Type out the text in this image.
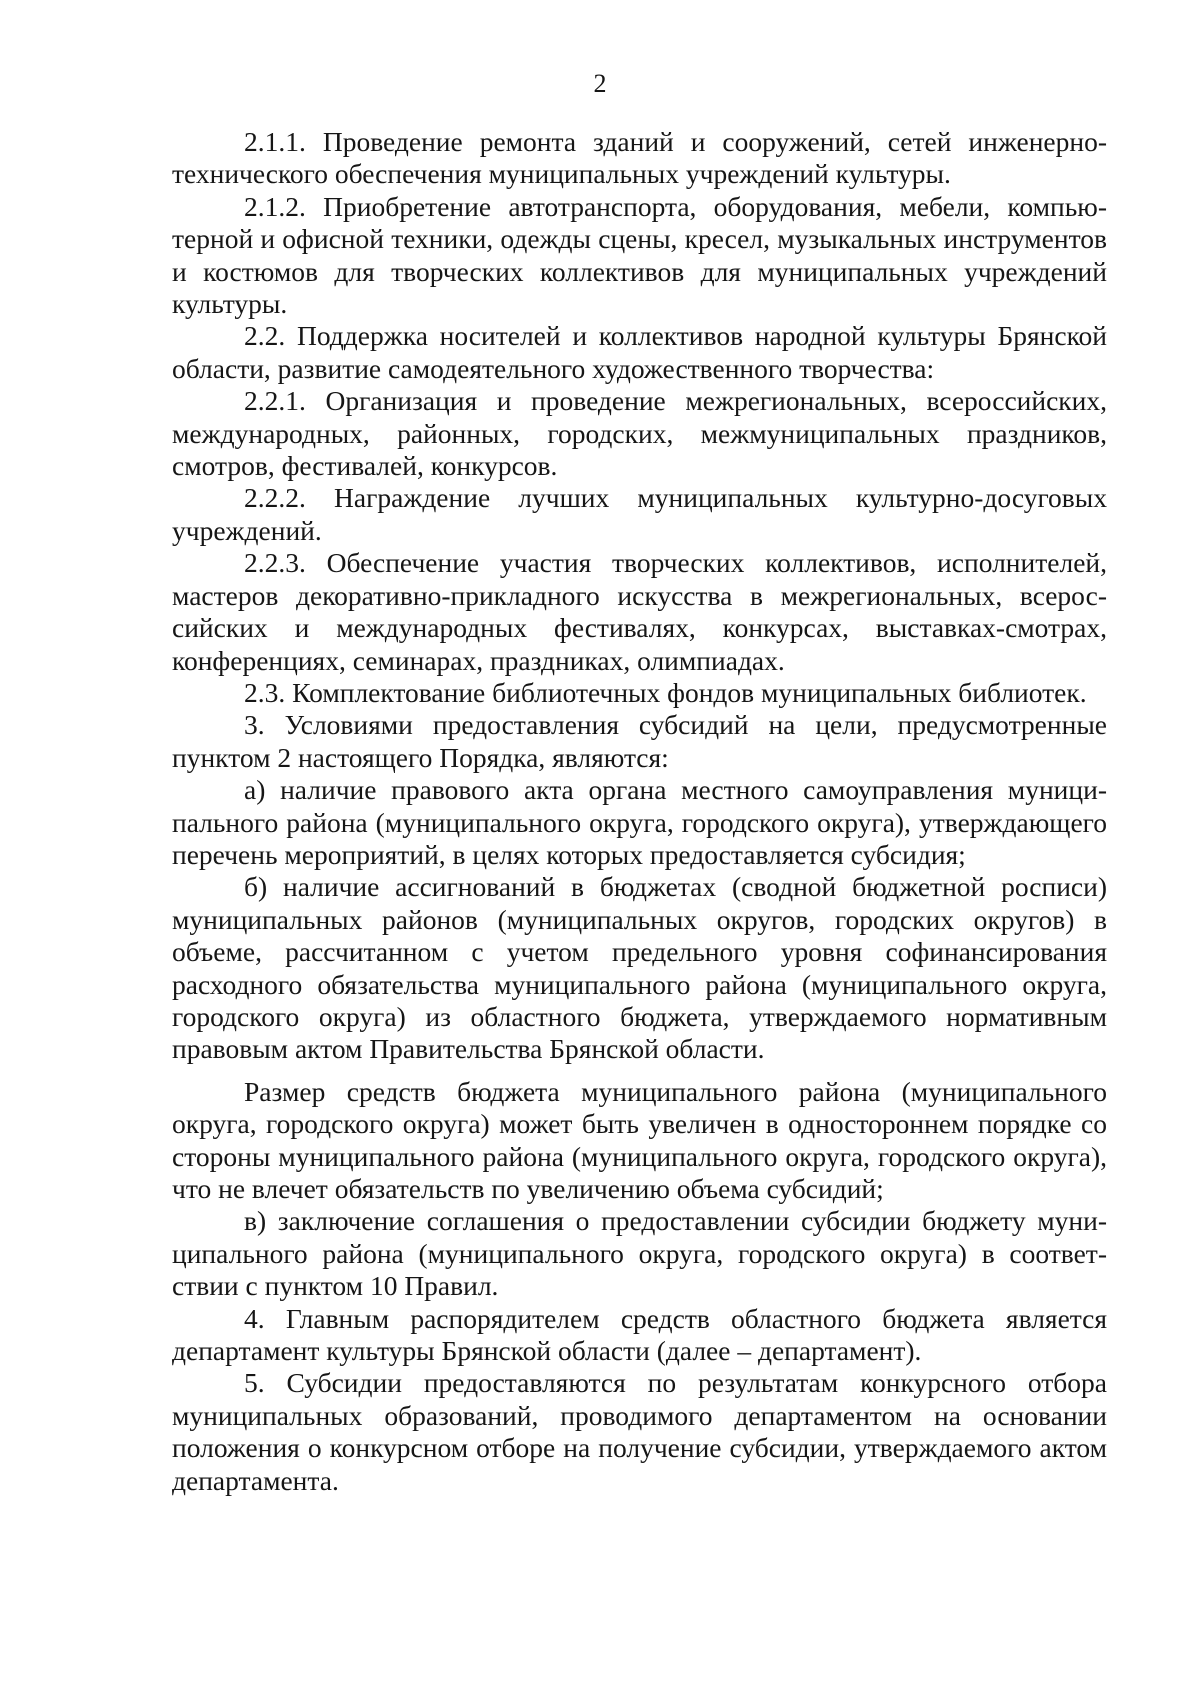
2

2.1.1. Проведение ремонта зданий и сооружений, сетей инженерно-технического обеспечения муниципальных учреждений культуры.

2.1.2. Приобретение автотранспорта, оборудования, мебели, компьютерной и офисной техники, одежды сцены, кресел, музыкальных инструментов и костюмов для творческих коллективов для муниципальных учреждений культуры.

2.2. Поддержка носителей и коллективов народной культуры Брянской области, развитие самодеятельного художественного творчества:

2.2.1. Организация и проведение межрегиональных, всероссийских, международных, районных, городских, межмуниципальных праздников, смотров, фестивалей, конкурсов.

2.2.2. Награждение лучших муниципальных культурно-досуговых учреждений.

2.2.3. Обеспечение участия творческих коллективов, исполнителей, мастеров декоративно-прикладного искусства в межрегиональных, всероссийских и международных фестивалях, конкурсах, выставках-смотрах, конференциях, семинарах, праздниках, олимпиадах.

2.3. Комплектование библиотечных фондов муниципальных библиотек.

3. Условиями предоставления субсидий на цели, предусмотренные пунктом 2 настоящего Порядка, являются:

а) наличие правового акта органа местного самоуправления муниципального района (муниципального округа, городского округа), утверждающего перечень мероприятий, в целях которых предоставляется субсидия;

б) наличие ассигнований в бюджетах (сводной бюджетной росписи) муниципальных районов (муниципальных округов, городских округов) в объеме, рассчитанном с учетом предельного уровня софинансирования расходного обязательства муниципального района (муниципального округа, городского округа) из областного бюджета, утверждаемого нормативным правовым актом Правительства Брянской области.

Размер средств бюджета муниципального района (муниципального округа, городского округа) может быть увеличен в одностороннем порядке со стороны муниципального района (муниципального округа, городского округа), что не влечет обязательств по увеличению объема субсидий;

в) заключение соглашения о предоставлении субсидии бюджету муниципального района (муниципального округа, городского округа) в соответствии с пунктом 10 Правил.

4. Главным распорядителем средств областного бюджета является департамент культуры Брянской области (далее – департамент).

5. Субсидии предоставляются по результатам конкурсного отбора муниципальных образований, проводимого департаментом на основании положения о конкурсном отборе на получение субсидии, утверждаемого актом департамента.
